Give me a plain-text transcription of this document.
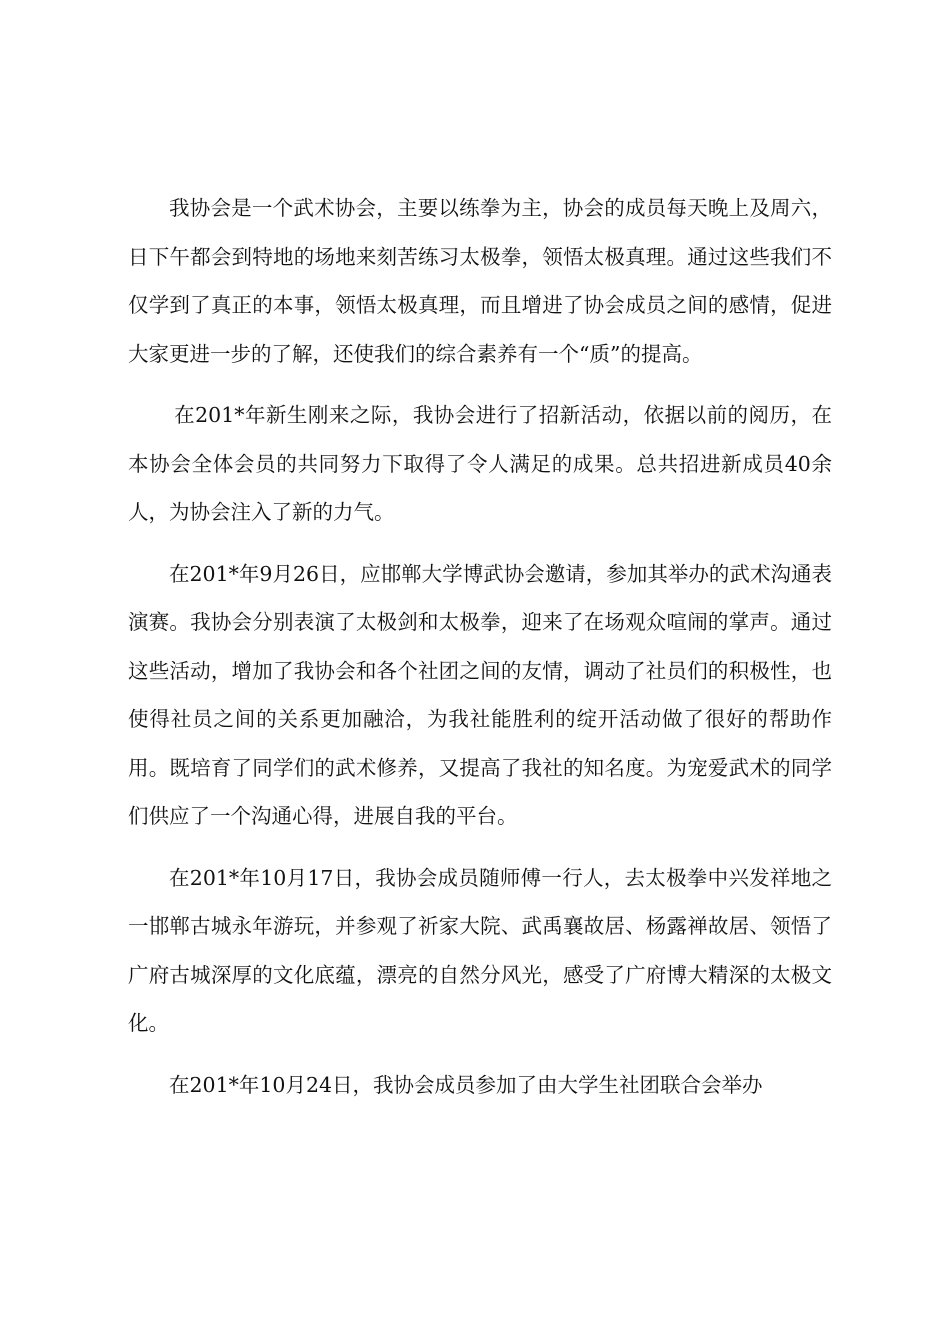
我协会是一个武术协会，主要以练拳为主，协会的成员每天晚上及周六，日下午都会到特地的场地来刻苦练习太极拳，领悟太极真理。通过这些我们不仅学到了真正的本事，领悟太极真理，而且增进了协会成员之间的感情，促进大家更进一步的了解，还使我们的综合素养有一个“质”的提高。

在201*年新生刚来之际，我协会进行了招新活动，依据以前的阅历，在本协会全体会员的共同努力下取得了令人满足的成果。总共招进新成员40余人，为协会注入了新的力气。

在201*年9月26日，应邯郸大学博武协会邀请，参加其举办的武术沟通表演赛。我协会分别表演了太极剑和太极拳，迎来了在场观众喧闹的掌声。通过这些活动，增加了我协会和各个社团之间的友情，调动了社员们的积极性，也使得社员之间的关系更加融洽，为我社能胜利的绽开活动做了很好的帮助作用。既培育了同学们的武术修养，又提高了我社的知名度。为宠爱武术的同学们供应了一个沟通心得，进展自我的平台。

在201*年10月17日，我协会成员随师傅一行人，去太极拳中兴发祥地之一邯郸古城永年游玩，并参观了祈家大院、武禹襄故居、杨露禅故居、领悟了广府古城深厚的文化底蕴，漂亮的自然分风光，感受了广府博大精深的太极文化。

在201*年10月24日，我协会成员参加了由大学生社团联合会举办
